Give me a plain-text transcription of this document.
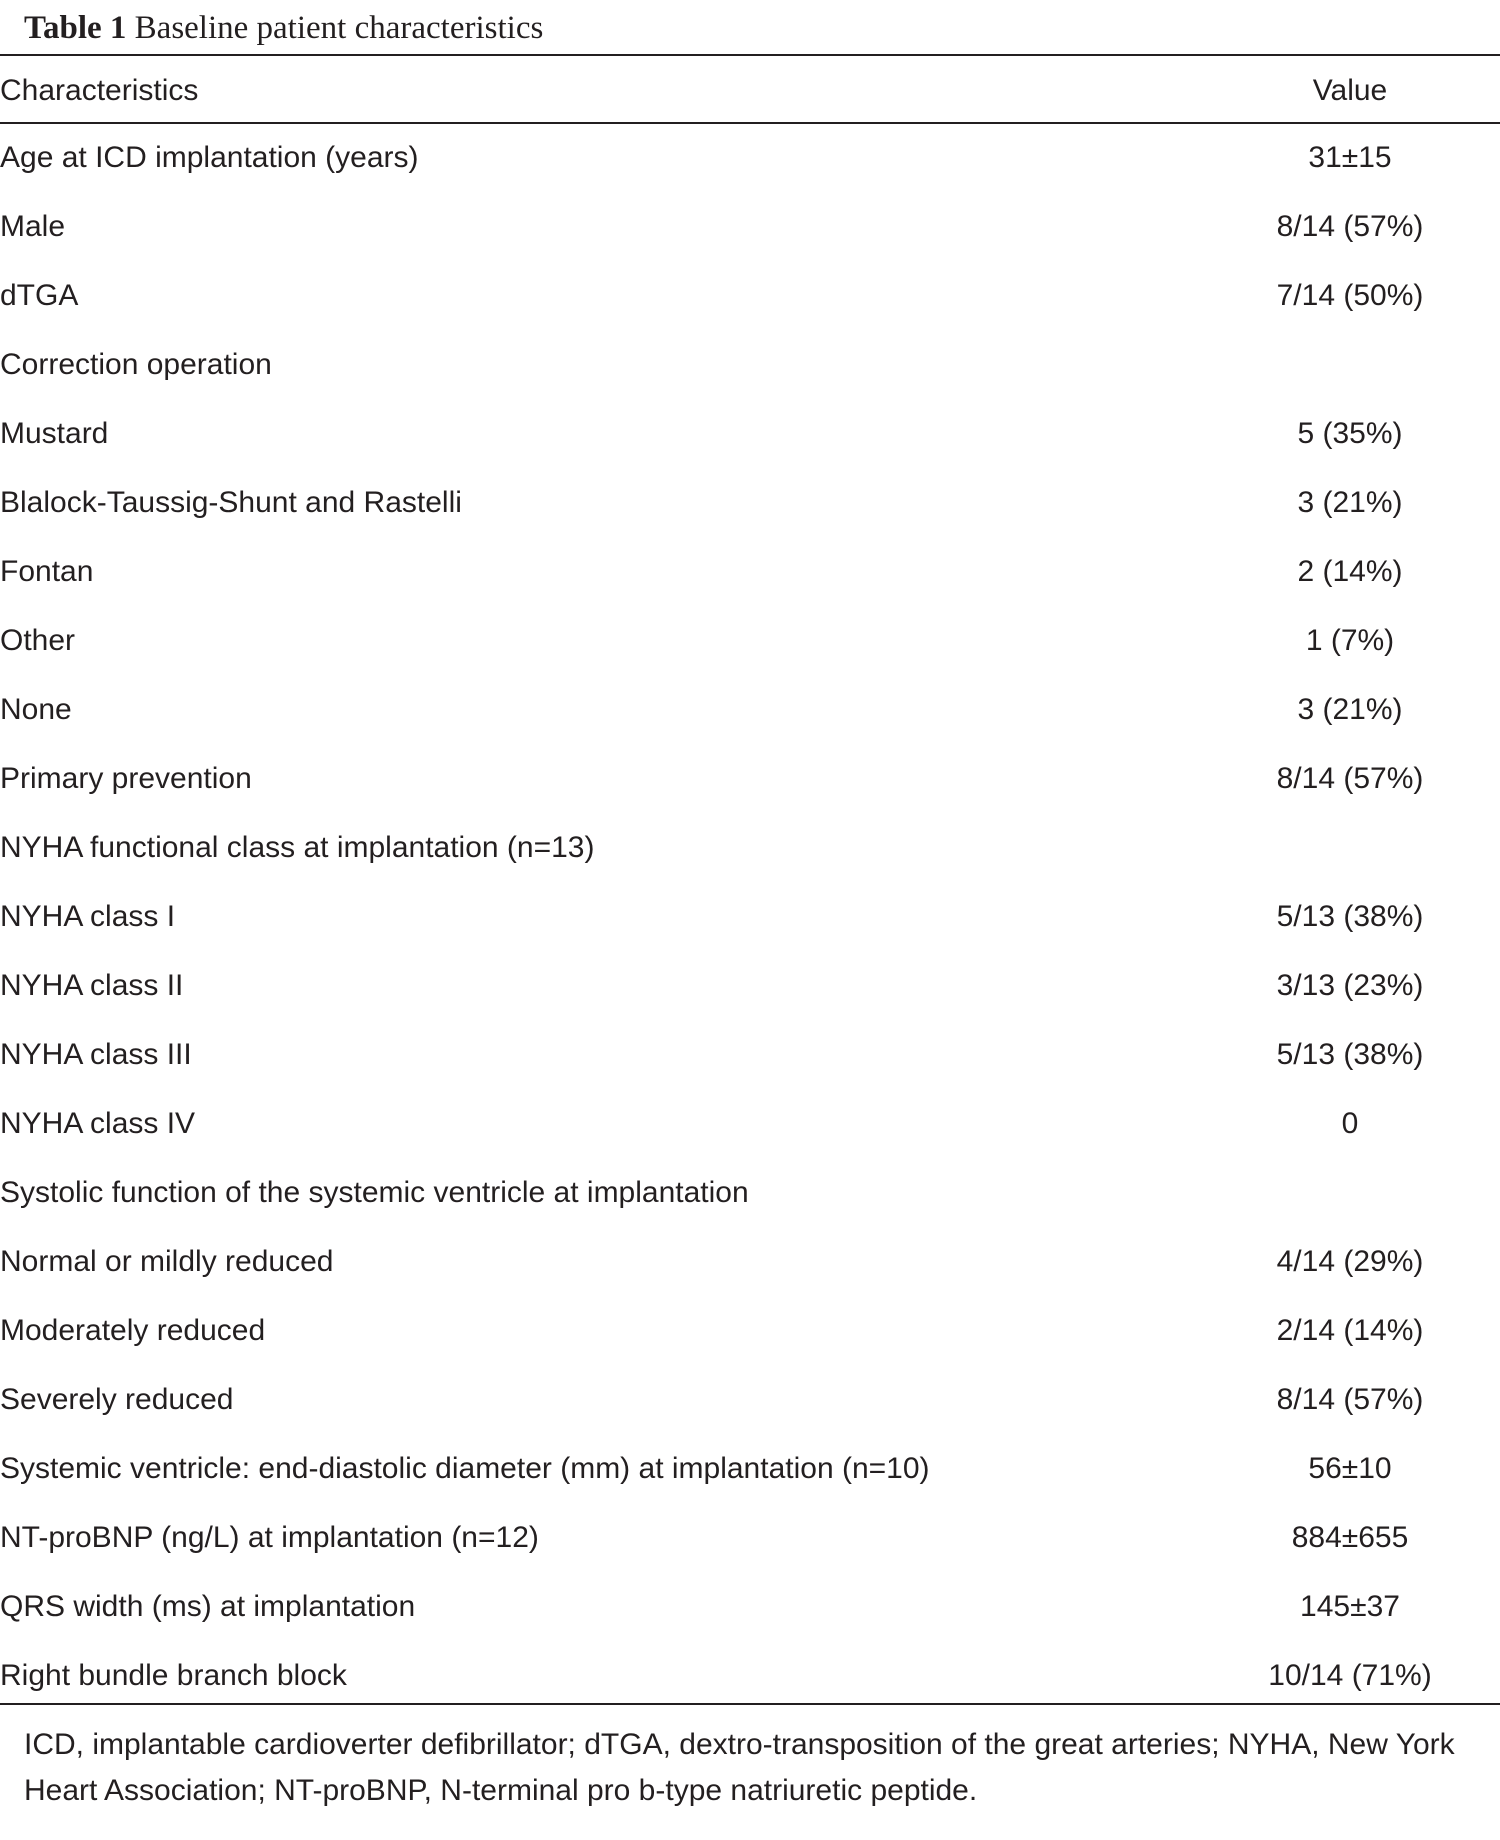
Table 1 Baseline patient characteristics
Characteristics	Value
Age at ICD implantation (years)	31±15
Male	8/14 (57%)
dTGA	7/14 (50%)
Correction operation	
Mustard	5 (35%)
Blalock-Taussig-Shunt and Rastelli	3 (21%)
Fontan	2 (14%)
Other	1 (7%)
None	3 (21%)
Primary prevention	8/14 (57%)
NYHA functional class at implantation (n=13)	
NYHA class I	5/13 (38%)
NYHA class II	3/13 (23%)
NYHA class III	5/13 (38%)
NYHA class IV	0
Systolic function of the systemic ventricle at implantation	
Normal or mildly reduced	4/14 (29%)
Moderately reduced	2/14 (14%)
Severely reduced	8/14 (57%)
Systemic ventricle: end-diastolic diameter (mm) at implantation (n=10)	56±10
NT-proBNP (ng/L) at implantation (n=12)	884±655
QRS width (ms) at implantation	145±37
Right bundle branch block	10/14 (71%)
ICD, implantable cardioverter defibrillator; dTGA, dextro-transposition of the great arteries; NYHA, New York Heart Association; NT-proBNP, N-terminal pro b-type natriuretic peptide.
